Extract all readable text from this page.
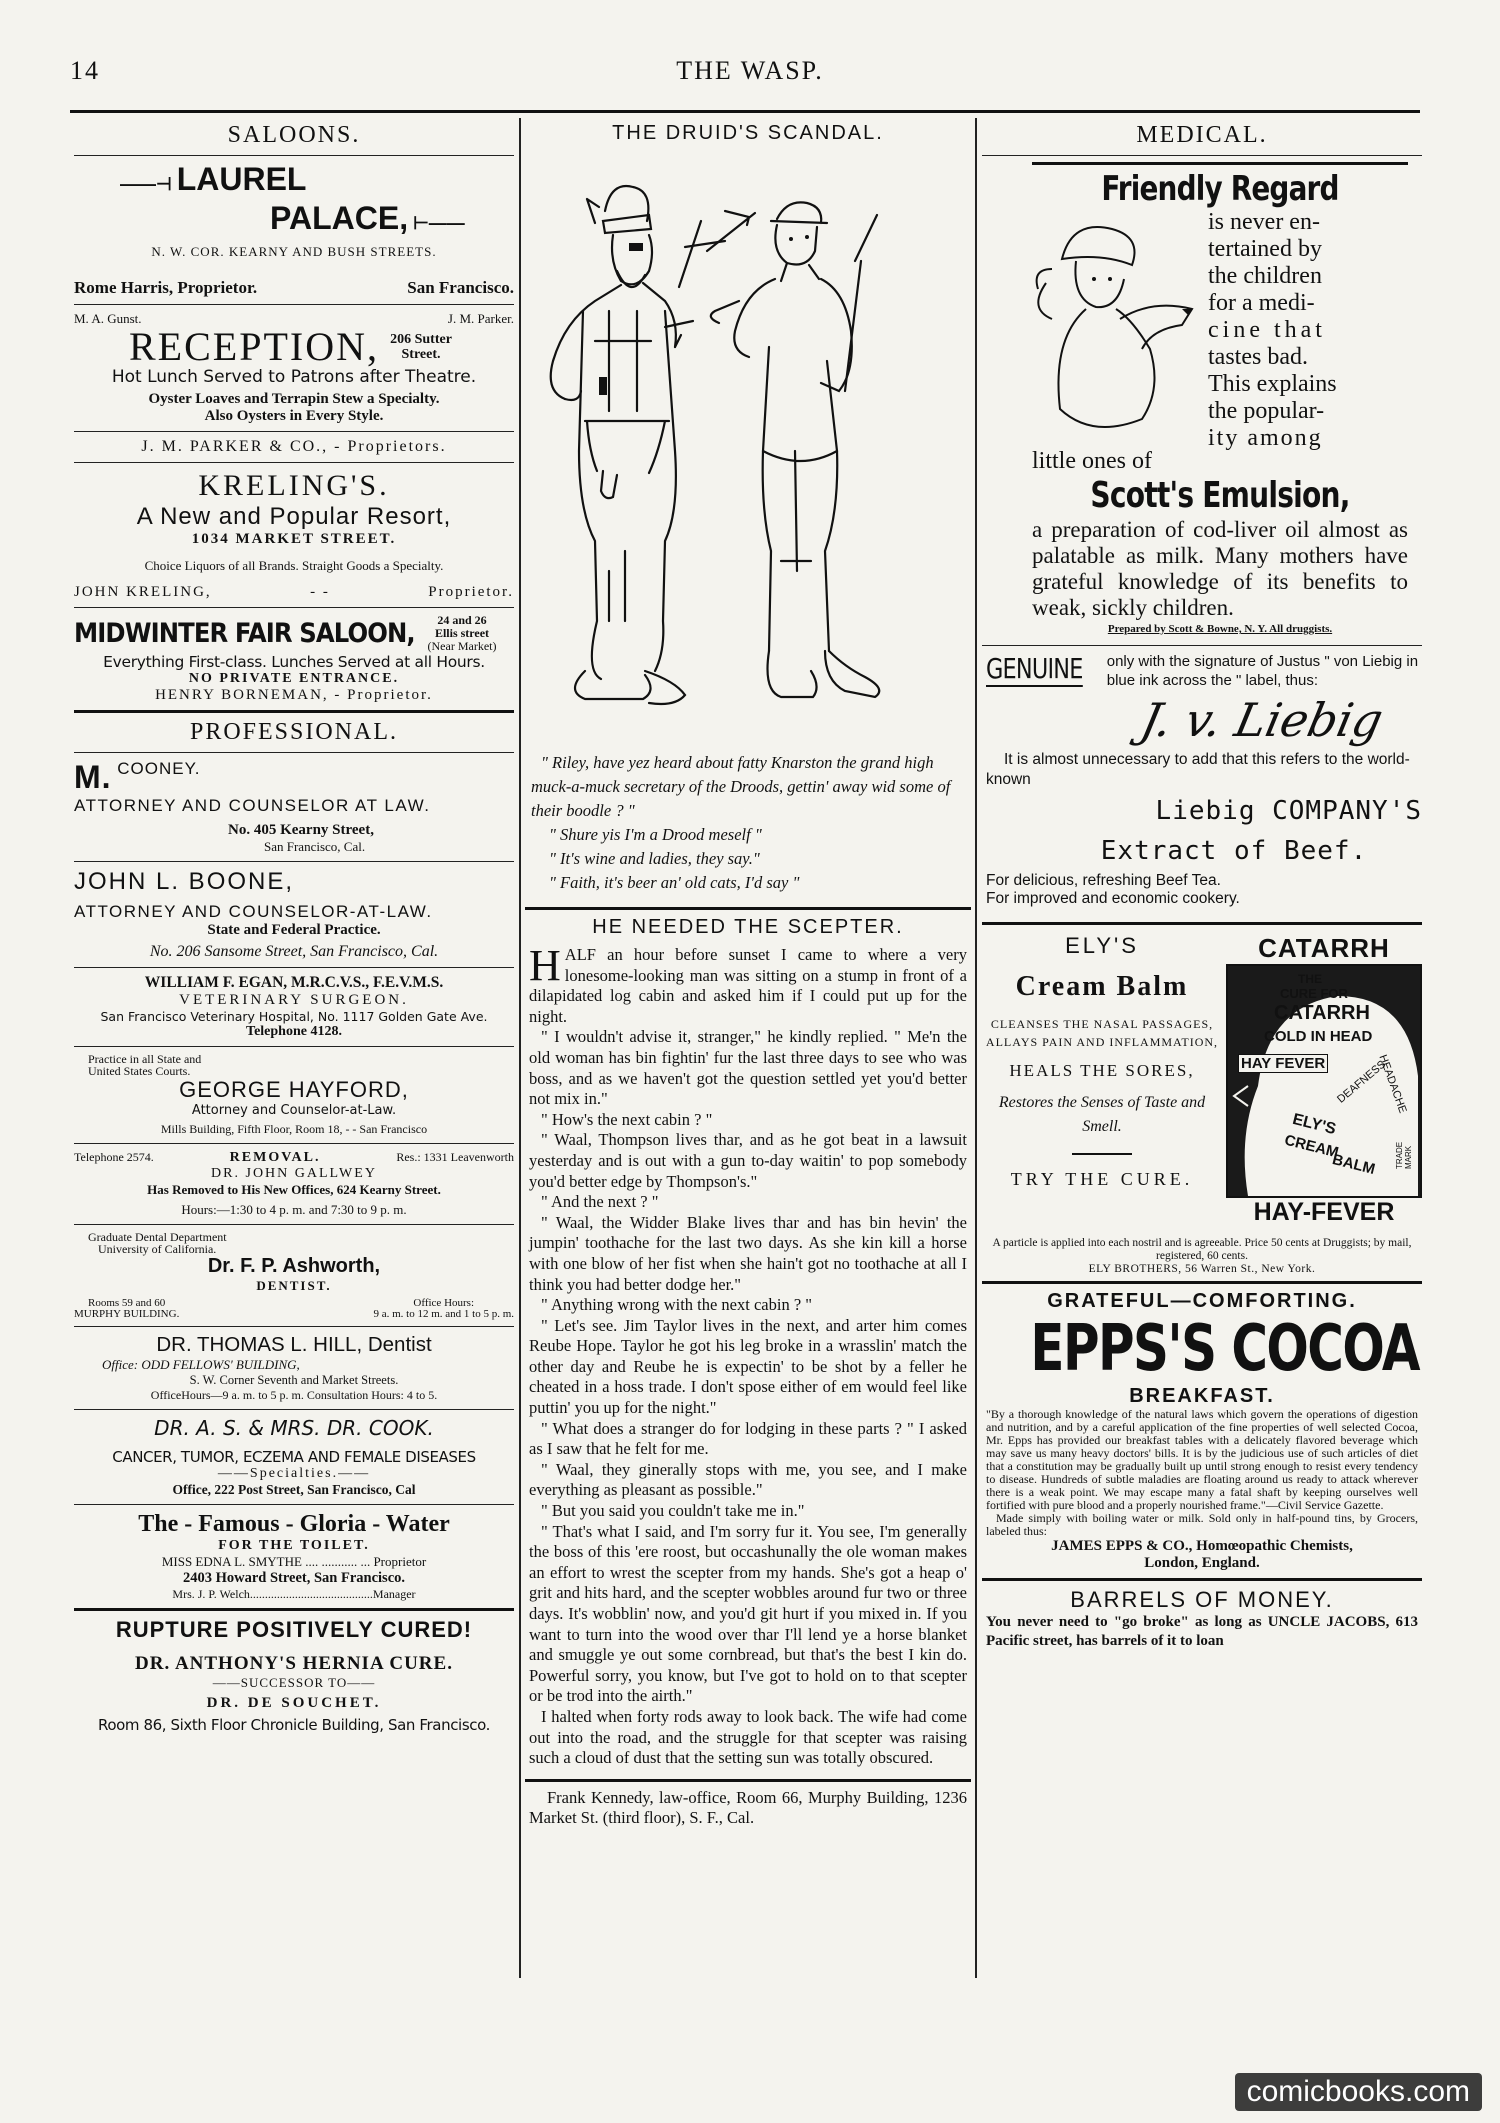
14	THE WASP.
SALOONS.
——⊣ LAUREL
PALACE, ⊢——
N. W. COR. KEARNY AND BUSH STREETS.
Rome Harris, Proprietor.	San Francisco.
M. A. Gunst.	J. M. Parker.
RECEPTION, 206 Sutter Street.
Hot Lunch Served to Patrons after Theatre.
Oyster Loaves and Terrapin Stew a Specialty.
Also Oysters in Every Style.
J. M. PARKER & CO., - Proprietors.
KRELING'S.
A New and Popular Resort,
1034 MARKET STREET.
Choice Liquors of all Brands. Straight Goods a Specialty.
JOHN KRELING,	- -	Proprietor.
MIDWINTER FAIR SALOON,	24 and 26
Ellis street
(Near Market)
Everything First-class. Lunches Served at all Hours.
NO PRIVATE ENTRANCE.
HENRY BORNEMAN, - Proprietor.
PROFESSIONAL.
M. COONEY.
ATTORNEY AND COUNSELOR AT LAW.
No. 405 Kearny Street,
San Francisco, Cal.
JOHN L. BOONE,
ATTORNEY AND COUNSELOR-AT-LAW.
State and Federal Practice.
No. 206 Sansome Street, San Francisco, Cal.
WILLIAM F. EGAN, M.R.C.V.S., F.E.V.M.S.
VETERINARY SURGEON.
San Francisco Veterinary Hospital, No. 1117 Golden Gate Ave.
Telephone 4128.
Practice in all State and
United States Courts.
GEORGE HAYFORD,
Attorney and Counselor-at-Law.
Mills Building, Fifth Floor, Room 18, - - San Francisco
Telephone 2574.	REMOVAL.	Res.: 1331 Leavenworth
DR. JOHN GALLWEY
Has Removed to His New Offices, 624 Kearny Street.
Hours:—1:30 to 4 p. m. and 7:30 to 9 p. m.
Graduate Dental Department
University of California.
Dr. F. P. Ashworth,
DENTIST.
Rooms 59 and 60
MURPHY BUILDING.
Office Hours:
9 a. m. to 12 m. and 1 to 5 p. m.
DR. THOMAS L. HILL, Dentist
Office: ODD FELLOWS' BUILDING,
S. W. Corner Seventh and Market Streets.
OfficeHours—9 a. m. to 5 p. m. Consultation Hours: 4 to 5.
DR. A. S. & MRS. DR. COOK.
CANCER, TUMOR, ECZEMA AND FEMALE DISEASES
——Specialties.——
Office, 222 Post Street, San Francisco, Cal
The - Famous - Gloria - Water
FOR THE TOILET.
MISS EDNA L. SMYTHE .... ........... ... Proprietor
2403 Howard Street, San Francisco.
Mrs. J. P. Welch.........................................Manager
RUPTURE POSITIVELY CURED!
DR. ANTHONY'S HERNIA CURE.
——SUCCESSOR TO——
DR. DE SOUCHET.
Room 86, Sixth Floor Chronicle Building, San Francisco.
THE DRUID'S SCANDAL.
" Riley, have yez heard about fatty Knarston the grand high muck-a-muck secretary of the Droods, gettin' away wid some of their boodle ? "
" Shure yis I'm a Drood meself "
" It's wine and ladies, they say."
" Faith, it's beer an' old cats, I'd say "
HE NEEDED THE SCEPTER.

HALF an hour before sunset I came to where a very lonesome-looking man was sitting on a stump in front of a dilapidated log cabin and asked him if I could put up for the night.

" I wouldn't advise it, stranger," he kindly replied. " Me'n the old woman has bin fightin' fur the last three days to see who was boss, and as we haven't got the question settled yet you'd better not mix in."

" How's the next cabin ? "

" Waal, Thompson lives thar, and as he got beat in a lawsuit yesterday and is out with a gun to-day waitin' to pop somebody you'd better edge by Thompson's."

" And the next ? "

" Waal, the Widder Blake lives thar and has bin hevin' the jumpin' toothache for the last two days. As she kin kill a horse with one blow of her fist when she hain't got no toothache at all I think you had better dodge her."

" Anything wrong with the next cabin ? "

" Let's see. Jim Taylor lives in the next, and arter him comes Reube Hope. Taylor he got his leg broke in a wrasslin' match the other day and Reube he is expectin' to be shot by a feller he cheated in a hoss trade. I don't spose either of em would feel like puttin' you up for the night."

" What does a stranger do for lodging in these parts ? " I asked as I saw that he felt for me.

" Waal, they ginerally stops with me, you see, and I make everything as pleasant as possible."

" But you said you couldn't take me in."

" That's what I said, and I'm sorry fur it. You see, I'm generally the boss of this 'ere roost, but occashunally the ole woman makes an effort to wrest the scepter from my hands. She's got a heap o' grit and hits hard, and the scepter wobbles around fur two or three days. It's wobblin' now, and you'd git hurt if you mixed in. If you want to turn into the wood over thar I'll lend ye a horse blanket and smuggle ye out some cornbread, but that's the best I kin do. Powerful sorry, you know, but I've got to hold on to that scepter or be trod into the airth."

I halted when forty rods away to look back. The wife had come out into the road, and the struggle for that scepter was raising such a cloud of dust that the setting sun was totally obscured.

Frank Kennedy, law-office, Room 66, Murphy Building, 1236 Market St. (third floor), S. F., Cal.

MEDICAL.
Friendly Regard
is never en-
tertained by
the children
for a medi-
cine that
tastes bad.
This explains
the popular-
ity among
little ones of
Scott's Emulsion,
a preparation of cod-liver oil almost as palatable as milk. Many mothers have grateful knowledge of its benefits to weak, sickly children.
Prepared by Scott & Bowne, N. Y. All druggists.
GENUINE only with the signature of Justus " von Liebig in blue ink across the " label, thus:
J. v. Liebig
It is almost unnecessary to add that this refers to the world-known
Liebig COMPANY'S
Extract of Beef.
For delicious, refreshing Beef Tea.
For improved and economic cookery.
ELY'S
Cream Balm
CLEANSES THE NASAL PASSAGES, ALLAYS PAIN AND INFLAMMATION,
HEALS THE SORES,
Restores the Senses of Taste and Smell.
TRY THE CURE.
CATARRH
THE
CURE FOR
CATARRH
COLD IN HEAD
HAY FEVER DEAFNESS
HEADACHE
TRADE MARK
ELY'S
CREAM
BALM
50c
HAY-FEVER
A particle is applied into each nostril and is agreeable. Price 50 cents at Druggists; by mail, registered, 60 cents.
ELY BROTHERS, 56 Warren St., New York.
GRATEFUL—COMFORTING.
EPPS'S COCOA
BREAKFAST.
"By a thorough knowledge of the natural laws which govern the operations of digestion and nutrition, and by a careful application of the fine properties of well selected Cocoa, Mr. Epps has provided our breakfast tables with a delicately flavored beverage which may save us many heavy doctors' bills. It is by the judicious use of such articles of diet that a constitution may be gradually built up until strong enough to resist every tendency to disease. Hundreds of subtle maladies are floating around us ready to attack wherever there is a weak point. We may escape many a fatal shaft by keeping ourselves well fortified with pure blood and a properly nourished frame."—Civil Service Gazette.
Made simply with boiling water or milk. Sold only in half-pound tins, by Grocers, labeled thus:
JAMES EPPS & CO., Homœopathic Chemists,
London, England.
BARRELS OF MONEY.
You never need to "go broke" as long as UNCLE JACOBS, 613 Pacific street, has barrels of it to loan
comicbooks.com
